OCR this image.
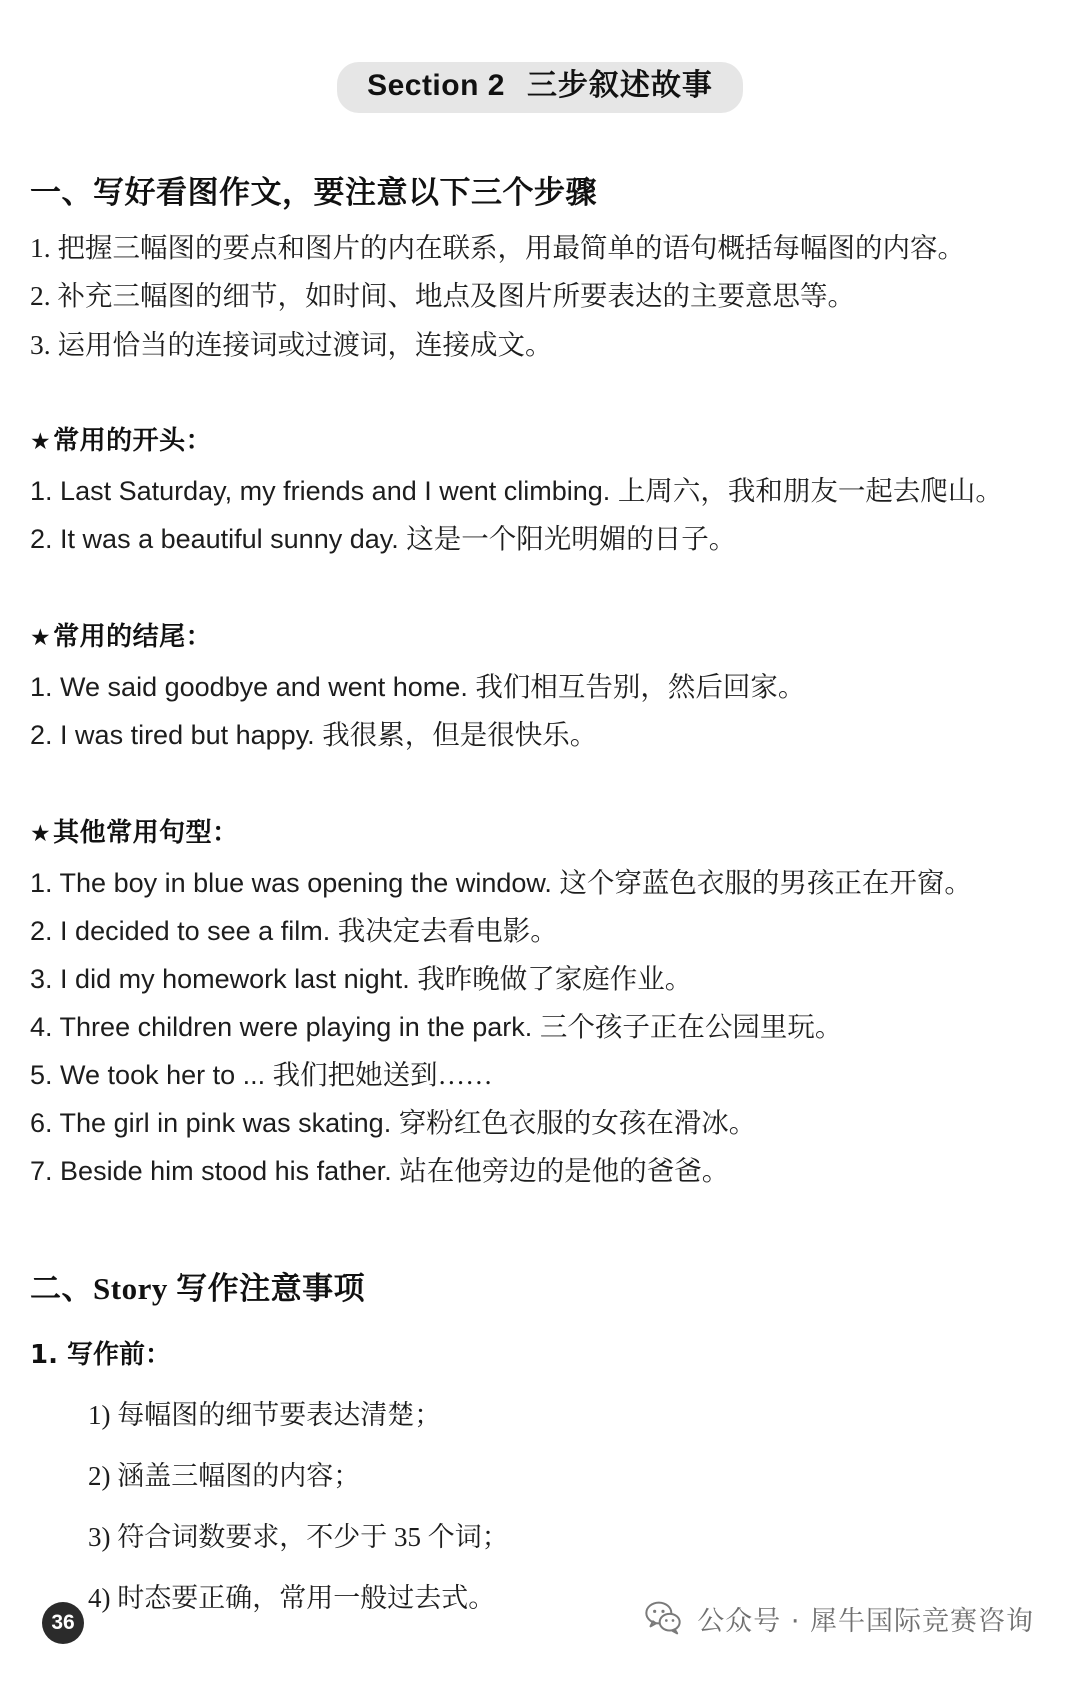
Section 2 三步叙述故事
一、写好看图作文，要注意以下三个步骤

1. 把握三幅图的要点和图片的内在联系，用最简单的语句概括每幅图的内容。

2. 补充三幅图的细节，如时间、地点及图片所要表达的主要意思等。

3. 运用恰当的连接词或过渡词，连接成文。

★常用的开头：

1. Last Saturday, my friends and I went climbing. 上周六，我和朋友一起去爬山。

2. It was a beautiful sunny day. 这是一个阳光明媚的日子。

★常用的结尾：

1. We said goodbye and went home. 我们相互告别，然后回家。

2. I was tired but happy. 我很累，但是很快乐。

★其他常用句型：

1. The boy in blue was opening the window. 这个穿蓝色衣服的男孩正在开窗。

2. I decided to see a film. 我决定去看电影。

3. I did my homework last night. 我昨晚做了家庭作业。

4. Three children were playing in the park. 三个孩子正在公园里玩。

5. We took her to ... 我们把她送到……

6. The girl in pink was skating. 穿粉红色衣服的女孩在滑冰。

7. Beside him stood his father. 站在他旁边的是他的爸爸。

二、Story 写作注意事项
1. 写作前：

1) 每幅图的细节要表达清楚；

2) 涵盖三幅图的内容；

3) 符合词数要求，不少于 35 个词；

4) 时态要正确，常用一般过去式。

36	公众号 · 犀牛国际竞赛咨询
